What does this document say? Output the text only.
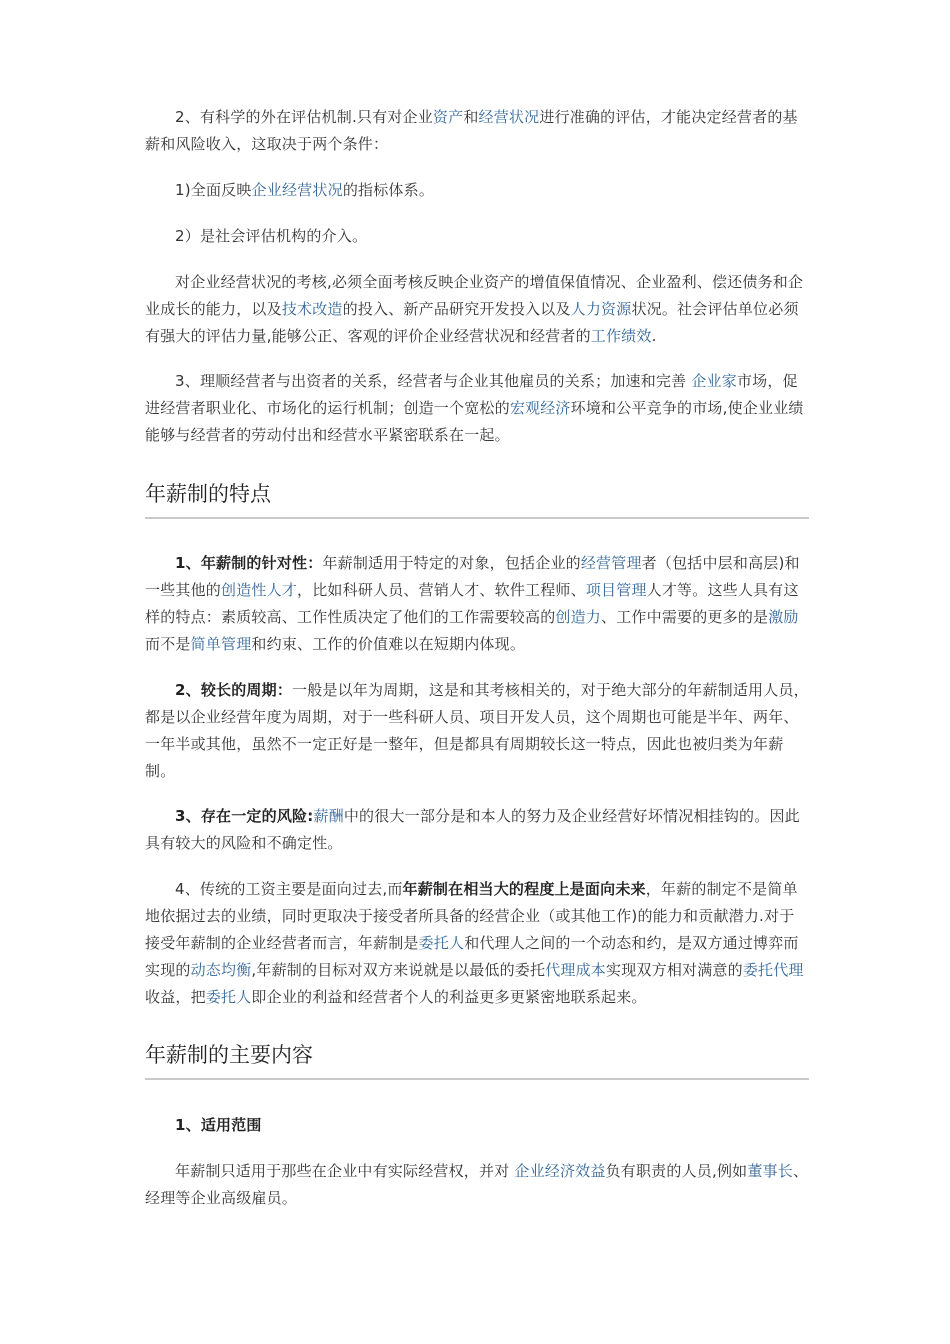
2、有科学的外在评估机制.只有对企业资产和经营状况进行准确的评估，才能决定经营者的基薪和风险收入，这取决于两个条件：

1)全面反映企业经营状况的指标体系。

2）是社会评估机构的介入。

对企业经营状况的考核,必须全面考核反映企业资产的增值保值情况、企业盈利、偿还债务和企业成长的能力，以及技术改造的投入、新产品研究开发投入以及人力资源状况。社会评估单位必须有强大的评估力量,能够公正、客观的评价企业经营状况和经营者的工作绩效.

3、理顺经营者与出资者的关系，经营者与企业其他雇员的关系；加速和完善 企业家市场，促进经营者职业化、市场化的运行机制；创造一个宽松的宏观经济环境和公平竞争的市场,使企业业绩能够与经营者的劳动付出和经营水平紧密联系在一起。

年薪制的特点

1、年薪制的针对性：年薪制适用于特定的对象，包括企业的经营管理者（包括中层和高层)和一些其他的创造性人才，比如科研人员、营销人才、软件工程师、项目管理人才等。这些人具有这样的特点：素质较高、工作性质决定了他们的工作需要较高的创造力、工作中需要的更多的是激励而不是简单管理和约束、工作的价值难以在短期内体现。

2、较长的周期：一般是以年为周期，这是和其考核相关的，对于绝大部分的年薪制适用人员，都是以企业经营年度为周期，对于一些科研人员、项目开发人员，这个周期也可能是半年、两年、一年半或其他，虽然不一定正好是一整年，但是都具有周期较长这一特点，因此也被归类为年薪制。

3、存在一定的风险:薪酬中的很大一部分是和本人的努力及企业经营好坏情况相挂钩的。因此具有较大的风险和不确定性。

4、传统的工资主要是面向过去,而年薪制在相当大的程度上是面向未来，年薪的制定不是简单地依据过去的业绩，同时更取决于接受者所具备的经营企业（或其他工作)的能力和贡献潜力.对于接受年薪制的企业经营者而言，年薪制是委托人和代理人之间的一个动态和约，是双方通过博弈而实现的动态均衡,年薪制的目标对双方来说就是以最低的委托代理成本实现双方相对满意的委托代理收益，把委托人即企业的利益和经营者个人的利益更多更紧密地联系起来。

年薪制的主要内容

1、适用范围

年薪制只适用于那些在企业中有实际经营权，并对 企业经济效益负有职责的人员,例如董事长、经理等企业高级雇员。
